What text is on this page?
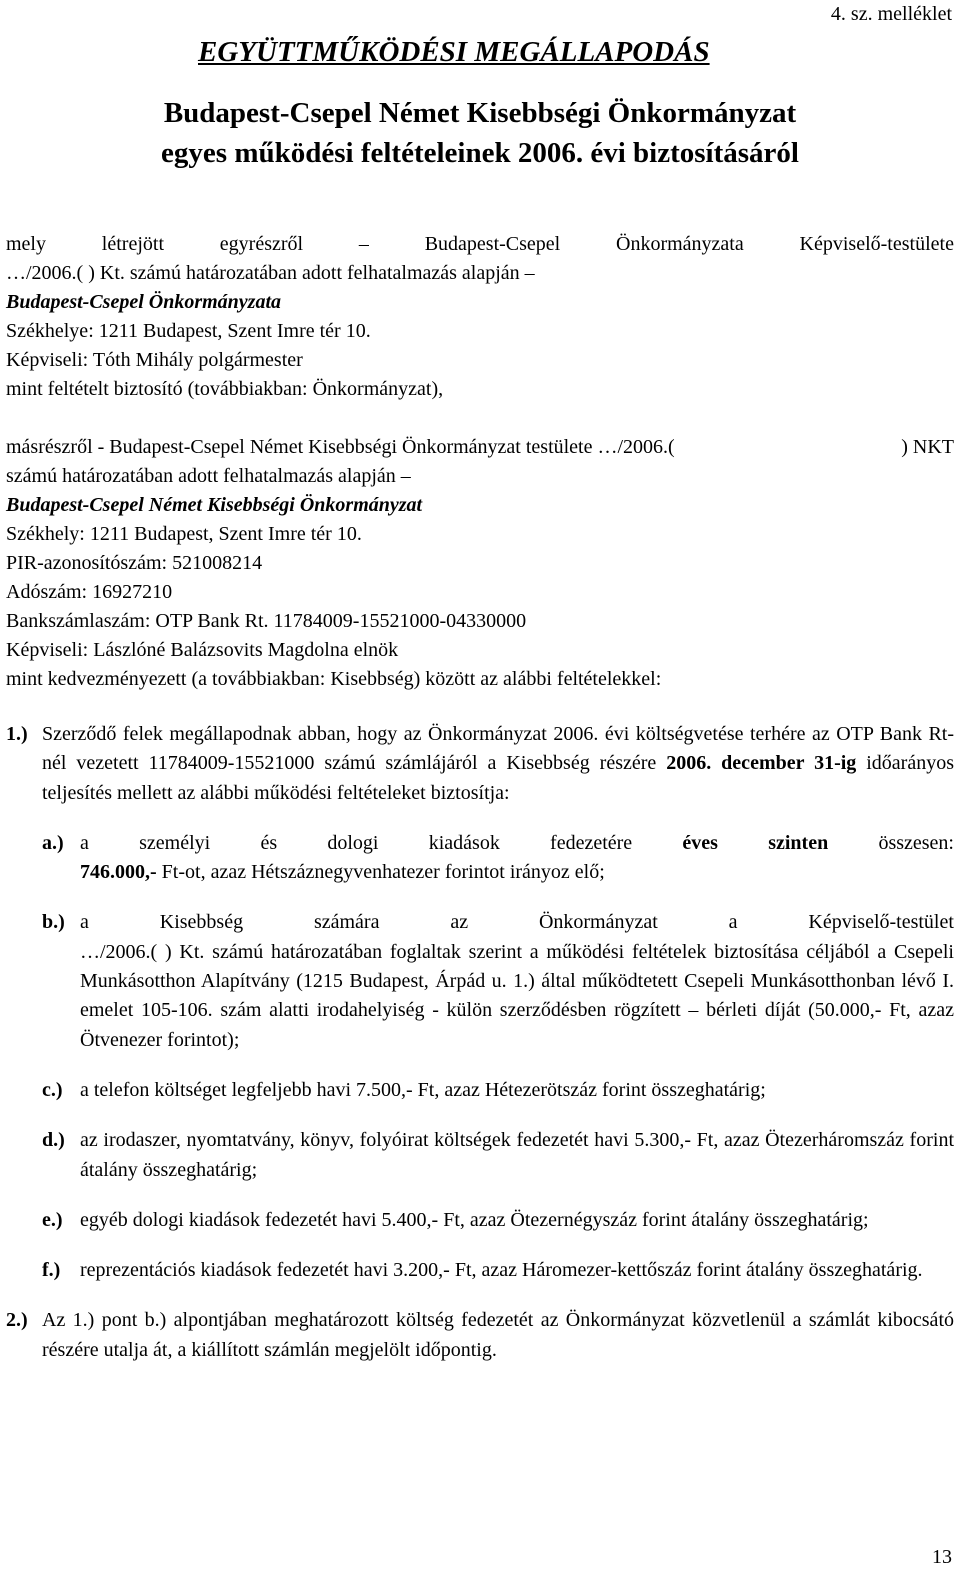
4. sz. melléklet
EGYÜTTMŰKÖDÉSI MEGÁLLAPODÁS
Budapest-Csepel Német Kisebbségi Önkormányzat
egyes működési feltételeinek 2006. évi biztosításáról
mely	létrejött	egyrészről	–	Budapest-Csepel	Önkormányzata	Képviselő-testülete
…/2006.( ) Kt. számú határozatában adott felhatalmazás alapján –
Budapest-Csepel Önkormányzata
Székhelye: 1211 Budapest, Szent Imre tér 10.
Képviseli: Tóth Mihály polgármester
mint feltételt biztosító (továbbiakban: Önkormányzat),
másrészről - Budapest-Csepel Német Kisebbségi Önkormányzat testülete …/2006.(	) NKT
számú határozatában adott felhatalmazás alapján –
Budapest-Csepel Német Kisebbségi Önkormányzat
Székhely: 1211 Budapest, Szent Imre tér 10.
PIR-azonosítószám: 521008214
Adószám: 16927210
Bankszámlaszám: OTP Bank Rt. 11784009-15521000-04330000
Képviseli: Lászlóné Balázsovits Magdolna elnök
mint kedvezményezett (a továbbiakban: Kisebbség) között az alábbi feltételekkel:
1.) Szerződő felek megállapodnak abban, hogy az Önkormányzat 2006. évi költségvetése terhére az OTP Bank Rt-nél vezetett 11784009-15521000 számú számlájáról a Kisebbség részére 2006. december 31-ig időarányos teljesítés mellett az alábbi működési feltételeket biztosítja:
a.) a	személyi	és	dologi	kiadások	fedezetére	éves	szinten	összesen:
746.000,- Ft-ot, azaz Hétszáznegyvenhatezer forintot irányoz elő;
b.) a	Kisebbség	számára	az	Önkormányzat	a	Képviselő-testület
…/2006.( ) Kt. számú határozatában foglaltak szerint a működési feltételek biztosítása céljából a Csepeli Munkásotthon Alapítvány (1215 Budapest, Árpád u. 1.) által működtetett Csepeli Munkásotthonban lévő I. emelet 105-106. szám alatti irodahelyiség - külön szerződésben rögzített – bérleti díját (50.000,- Ft, azaz Ötvenezer forintot);
c.) a telefon költséget legfeljebb havi 7.500,- Ft, azaz Hétezerötszáz forint összeghatárig;
d.) az irodaszer, nyomtatvány, könyv, folyóirat költségek fedezetét havi 5.300,- Ft, azaz Ötezerháromszáz forint átalány összeghatárig;
e.) egyéb dologi kiadások fedezetét havi 5.400,- Ft, azaz Ötezernégyszáz forint átalány összeghatárig;
f.) reprezentációs kiadások fedezetét havi 3.200,- Ft, azaz Háromezer-kettőszáz forint átalány összeghatárig.
2.) Az 1.) pont b.) alpontjában meghatározott költség fedezetét az Önkormányzat közvetlenül a számlát kibocsátó részére utalja át, a kiállított számlán megjelölt időpontig.
13
